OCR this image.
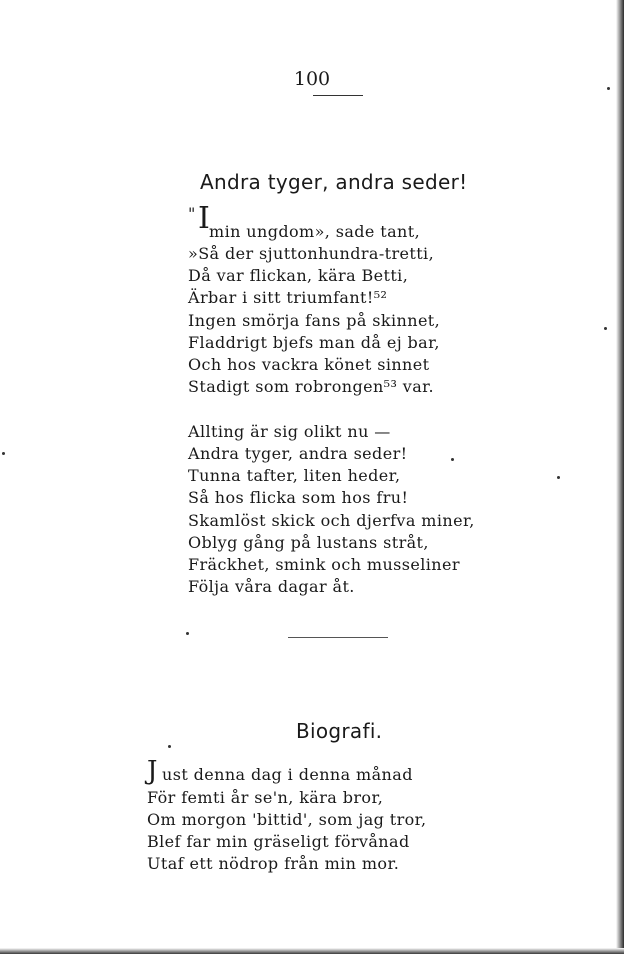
100
Andra tyger, andra seder!
" I min ungdom», sade tant,
»Så der sjuttonhundra-tretti,
Då var flickan, kära Betti,
Ärbar i sitt triumfant!⁵²
Ingen smörja fans på skinnet,
Fladdrigt bjefs man då ej bar,
Och hos vackra könet sinnet
Stadigt som robrongen⁵³ var.
Allting är sig olikt nu —
Andra tyger, andra seder!
Tunna tafter, liten heder,
Så hos flicka som hos fru!
Skamlöst skick och djerfva miner,
Oblyg gång på lustans stråt,
Fräckhet, smink och musseliner
Följa våra dagar åt.
Biografi.
J ust denna dag i denna månad
För femti år se'n, kära bror,
Om morgon 'bittid', som jag tror,
Blef far min gräseligt förvånad
Utaf ett nödrop från min mor.
